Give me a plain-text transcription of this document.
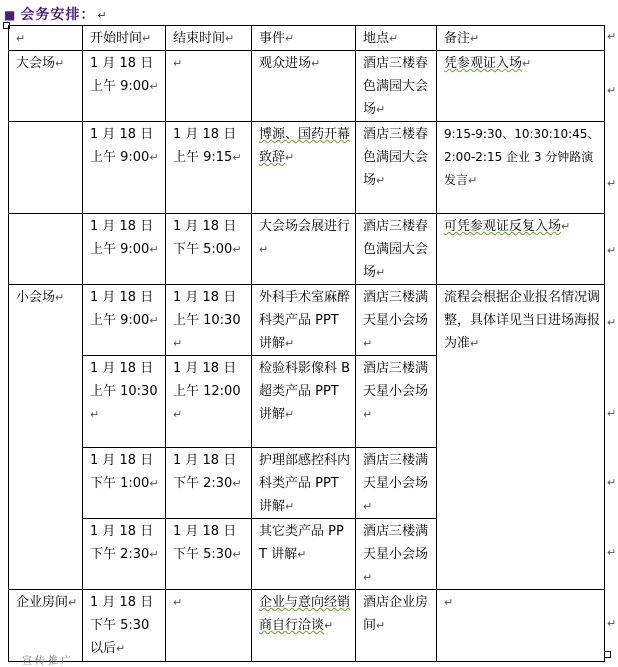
■ 会务安排： ↵
↵	开始时间↵	结束时间↵	事件↵	地点↵	备注↵
大会场↵	1 月 18 日上午 9:00↵	↵	观众进场↵	酒店三楼春色满园大会场↵	凭参观证入场↵
	1 月 18 日上午 9:00↵	1 月 18 日上午 9:15↵	博源、国药开幕致辞↵	酒店三楼春色满园大会场↵	9:15-9:30、10:30:10:45、2:00-2:15 企业 3 分钟路演发言↵
	1 月 18 日上午 9:00↵	1 月 18 日下午 5:00↵	大会场会展进行↵	酒店三楼春色满园大会场↵	可凭参观证反复入场↵
小会场↵	1 月 18 日上午 9:00↵	1 月 18 日上午 10:30↵	外科手术室麻醉科类产品 PPT 讲解↵	酒店三楼满天星小会场↵	流程会根据企业报名情况调整，具体详见当日进场海报为准↵
	1 月 18 日上午 10:30↵	1 月 18 日上午 12:00↵	检验科影像科 B 超类产品 PPT 讲解↵	酒店三楼满天星小会场↵	
	1 月 18 日下午 1:00↵	1 月 18 日下午 2:30↵	护理部感控科内科类产品 PPT 讲解↵	酒店三楼满天星小会场↵	
	1 月 18 日下午 2:30↵	1 月 18 日下午 5:30↵	其它类产品 PPT 讲解↵	酒店三楼满天星小会场↵	
企业房间↵	1 月 18 日下午 5:30 以后↵	↵	企业与意向经销商自行洽谈↵	酒店企业房间↵	↵
↵
↵
↵
↵
↵
↵
↵
↵
↵
宣传推广
